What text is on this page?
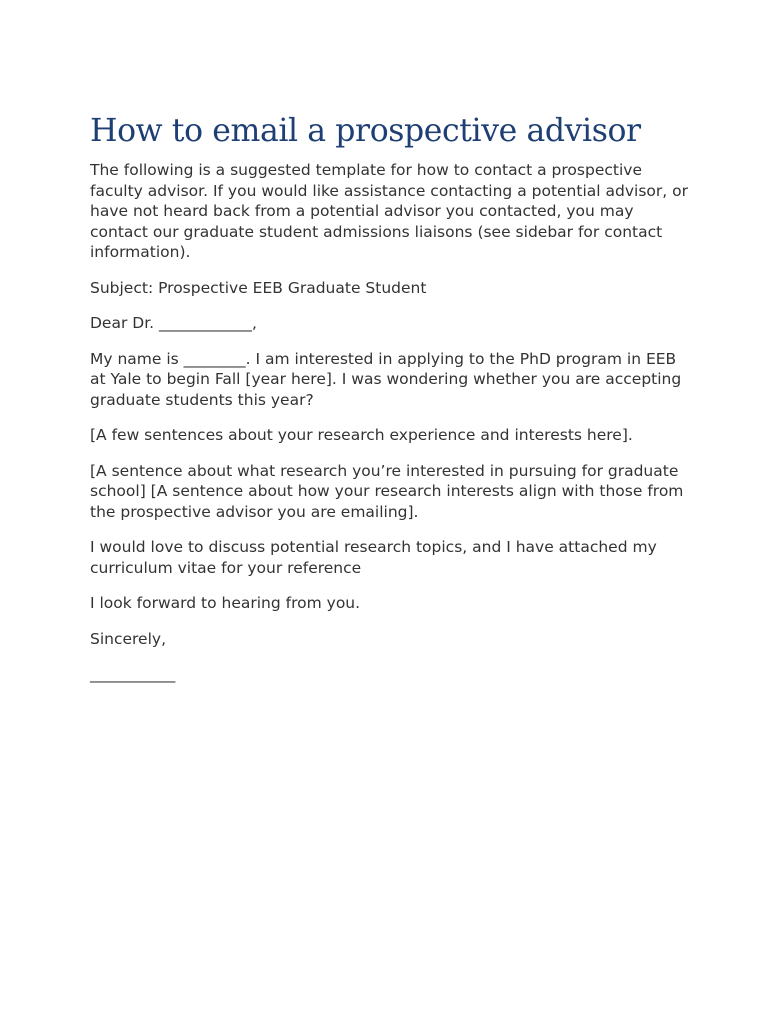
How to email a prospective advisor

The following is a suggested template for how to contact a prospective faculty advisor. If you would like assistance contacting a potential advisor, or have not heard back from a potential advisor you contacted, you may contact our graduate student admissions liaisons (see sidebar for contact information).

Subject: Prospective EEB Graduate Student

Dear Dr. ____________,

My name is ________. I am interested in applying to the PhD program in EEB at Yale to begin Fall [year here]. I was wondering whether you are accepting graduate students this year?

[A few sentences about your research experience and interests here].

[A sentence about what research you’re interested in pursuing for graduate school] [A sentence about how your research interests align with those from the prospective advisor you are emailing].

I would love to discuss potential research topics, and I have attached my curriculum vitae for your reference

I look forward to hearing from you.

Sincerely,

___________
